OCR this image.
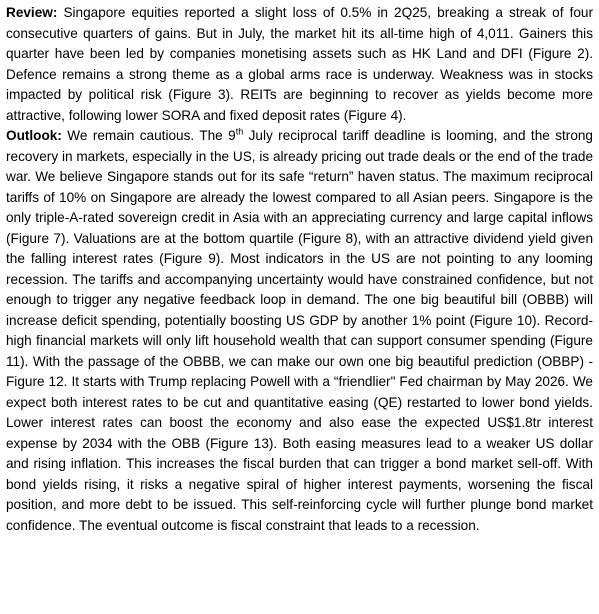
Review: Singapore equities reported a slight loss of 0.5% in 2Q25, breaking a streak of four consecutive quarters of gains. But in July, the market hit its all-time high of 4,011. Gainers this quarter have been led by companies monetising assets such as HK Land and DFI (Figure 2). Defence remains a strong theme as a global arms race is underway. Weakness was in stocks impacted by political risk (Figure 3). REITs are beginning to recover as yields become more attractive, following lower SORA and fixed deposit rates (Figure 4).

Outlook: We remain cautious. The 9th July reciprocal tariff deadline is looming, and the strong recovery in markets, especially in the US, is already pricing out trade deals or the end of the trade war. We believe Singapore stands out for its safe “return” haven status. The maximum reciprocal tariffs of 10% on Singapore are already the lowest compared to all Asian peers. Singapore is the only triple-A-rated sovereign credit in Asia with an appreciating currency and large capital inflows (Figure 7). Valuations are at the bottom quartile (Figure 8), with an attractive dividend yield given the falling interest rates (Figure 9). Most indicators in the US are not pointing to any looming recession. The tariffs and accompanying uncertainty would have constrained confidence, but not enough to trigger any negative feedback loop in demand. The one big beautiful bill (OBBB) will increase deficit spending, potentially boosting US GDP by another 1% point (Figure 10). Record-high financial markets will only lift household wealth that can support consumer spending (Figure 11). With the passage of the OBBB, we can make our own one big beautiful prediction (OBBP) - Figure 12. It starts with Trump replacing Powell with a “friendlier" Fed chairman by May 2026. We expect both interest rates to be cut and quantitative easing (QE) restarted to lower bond yields. Lower interest rates can boost the economy and also ease the expected US$1.8tr interest expense by 2034 with the OBB (Figure 13). Both easing measures lead to a weaker US dollar and rising inflation. This increases the fiscal burden that can trigger a bond market sell-off. With bond yields rising, it risks a negative spiral of higher interest payments, worsening the fiscal position, and more debt to be issued. This self-reinforcing cycle will further plunge bond market confidence. The eventual outcome is fiscal constraint that leads to a recession.
